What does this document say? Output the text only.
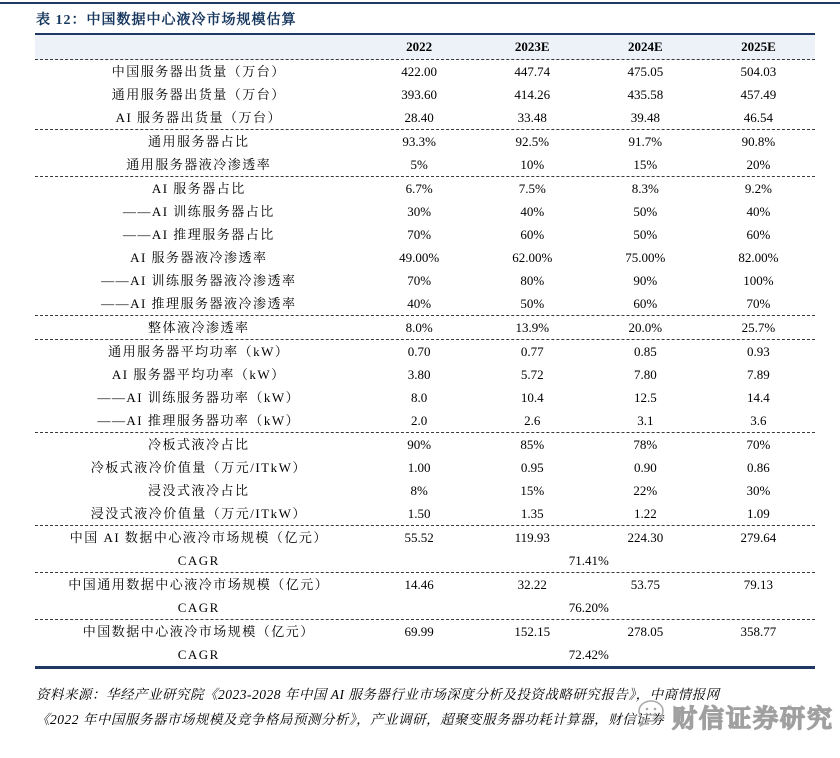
表 12：中国数据中心液冷市场规模估算
2022	2023E	2024E	2025E
中国服务器出货量（万台）	422.00	447.74	475.05	504.03
通用服务器出货量（万台）	393.60	414.26	435.58	457.49
AI 服务器出货量（万台）	28.40	33.48	39.48	46.54
通用服务器占比	93.3%	92.5%	91.7%	90.8%
通用服务器液冷渗透率	5%	10%	15%	20%
AI 服务器占比	6.7%	7.5%	8.3%	9.2%
——AI 训练服务器占比	30%	40%	50%	40%
——AI 推理服务器占比	70%	60%	50%	60%
AI 服务器液冷渗透率	49.00%	62.00%	75.00%	82.00%
——AI 训练服务器液冷渗透率	70%	80%	90%	100%
——AI 推理服务器液冷渗透率	40%	50%	60%	70%
整体液冷渗透率	8.0%	13.9%	20.0%	25.7%
通用服务器平均功率（kW）	0.70	0.77	0.85	0.93
AI 服务器平均功率（kW）	3.80	5.72	7.80	7.89
——AI 训练服务器功率（kW）	8.0	10.4	12.5	14.4
——AI 推理服务器功率（kW）	2.0	2.6	3.1	3.6
冷板式液冷占比	90%	85%	78%	70%
冷板式液冷价值量（万元/ITkW）	1.00	0.95	0.90	0.86
浸没式液冷占比	8%	15%	22%	30%
浸没式液冷价值量（万元/ITkW）	1.50	1.35	1.22	1.09
中国 AI 数据中心液冷市场规模（亿元）	55.52	119.93	224.30	279.64
CAGR	71.41%
中国通用数据中心液冷市场规模（亿元）	14.46	32.22	53.75	79.13
CAGR	76.20%
中国数据中心液冷市场规模（亿元）	69.99	152.15	278.05	358.77
CAGR	72.42%
资料来源：华经产业研究院《2023-2028 年中国 AI 服务器行业市场深度分析及投资战略研究报告》，中商情报网
《2022 年中国服务器市场规模及竞争格局预测分析》，产业调研，超聚变服务器功耗计算器，财信证券 财信证券研究
